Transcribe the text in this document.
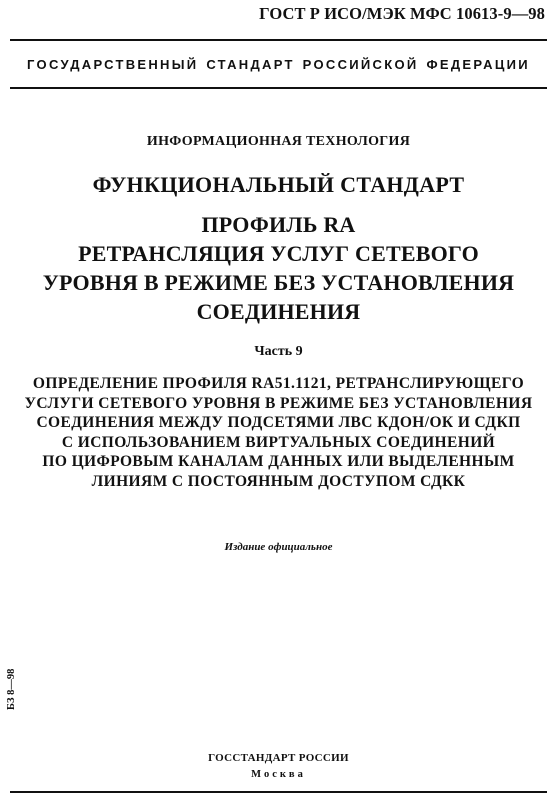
ГОСТ Р ИСО/МЭК МФС 10613-9—98
ГОСУДАРСТВЕННЫЙ СТАНДАРТ РОССИЙСКОЙ ФЕДЕРАЦИИ
ИНФОРМАЦИОННАЯ ТЕХНОЛОГИЯ
ФУНКЦИОНАЛЬНЫЙ СТАНДАРТ
ПРОФИЛЬ RA
РЕТРАНСЛЯЦИЯ УСЛУГ СЕТЕВОГО
УРОВНЯ В РЕЖИМЕ БЕЗ УСТАНОВЛЕНИЯ
СОЕДИНЕНИЯ
Часть 9
ОПРЕДЕЛЕНИЕ ПРОФИЛЯ RA51.1121, РЕТРАНСЛИРУЮЩЕГО
УСЛУГИ СЕТЕВОГО УРОВНЯ В РЕЖИМЕ БЕЗ УСТАНОВЛЕНИЯ
СОЕДИНЕНИЯ МЕЖДУ ПОДСЕТЯМИ ЛВС КДОН/ОК И СДКП
С ИСПОЛЬЗОВАНИЕМ ВИРТУАЛЬНЫХ СОЕДИНЕНИЙ
ПО ЦИФРОВЫМ КАНАЛАМ ДАННЫХ ИЛИ ВЫДЕЛЕННЫМ
ЛИНИЯМ С ПОСТОЯННЫМ ДОСТУПОМ СДКК
Издание официальное
БЗ 8—98
ГОССТАНДАРТ РОССИИ
Москва
